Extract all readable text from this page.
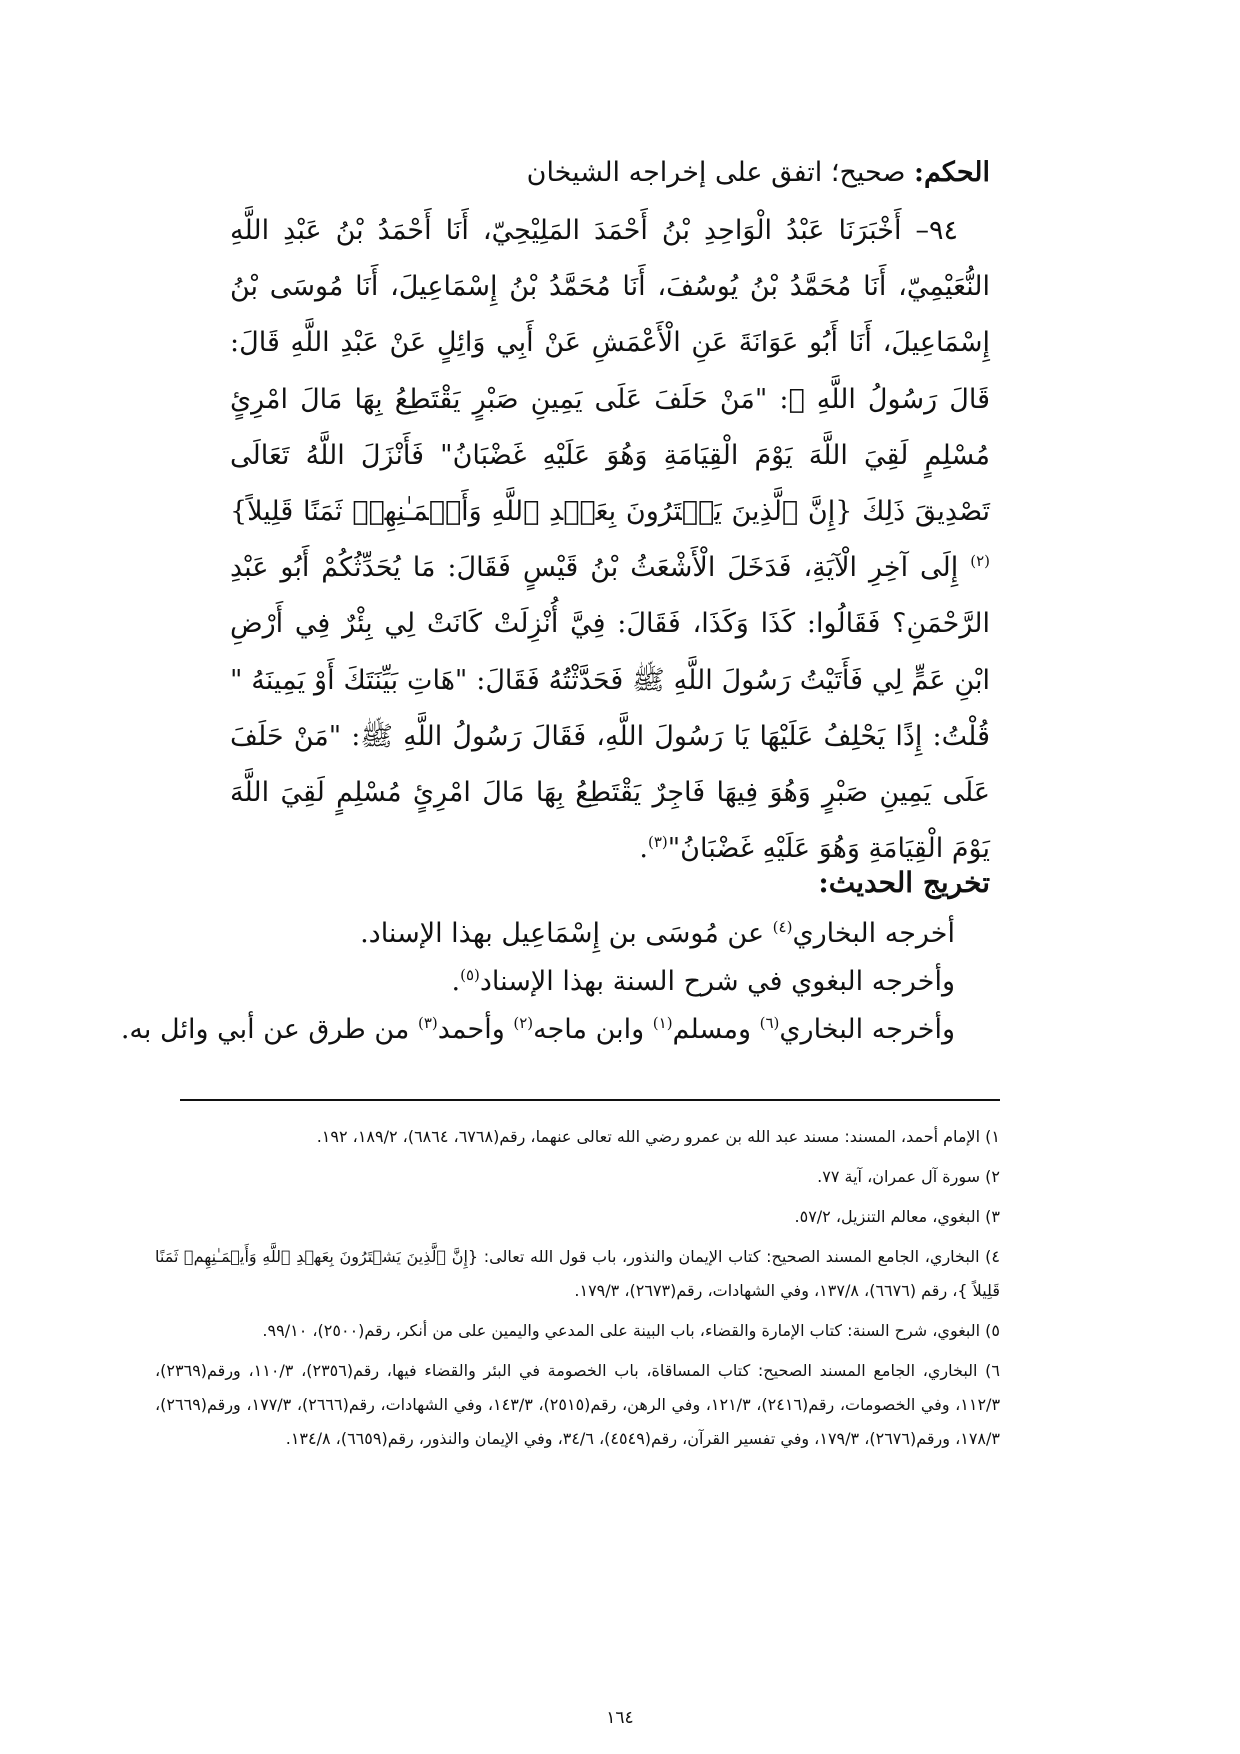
الحكم: صحيح؛ اتفق على إخراجه الشيخان
٩٤– أَخْبَرَنَا عَبْدُ الْوَاحِدِ بْنُ أَحْمَدَ المَلِيْحِيّ، أَنَا أَحْمَدُ بْنُ عَبْدِ اللَّهِ النُّعَيْمِيّ، أَنَا مُحَمَّدُ بْنُ يُوسُفَ، أَنَا مُحَمَّدُ بْنُ إِسْمَاعِيلَ، أَنَا مُوسَى بْنُ إِسْمَاعِيلَ، أَنَا أَبُو عَوَانَةَ عَنِ الْأَعْمَشِ عَنْ أَبِي وَائِلٍ عَنْ عَبْدِ اللَّهِ قَالَ: قَالَ رَسُولُ اللَّهِ ﷺ: "مَنْ حَلَفَ عَلَى يَمِينِ صَبْرٍ يَقْتَطِعُ بِهَا مَالَ امْرِئٍ مُسْلِمٍ لَقِيَ اللَّهَ يَوْمَ الْقِيَامَةِ وَهُوَ عَلَيْهِ غَضْبَانُ" فَأَنْزَلَ اللَّهُ تَعَالَى تَصْدِيقَ ذَلِكَ {إِنَّ ٱلَّذِينَ يَشۡتَرُونَ بِعَهۡدِ ٱللَّهِ وَأَيۡمَـٰنِهِمۡ ثَمَنًا قَلِيلاً}$^{(٢)}$ إِلَى آخِرِ الْآيَةِ، فَدَخَلَ الْأَشْعَثُ بْنُ قَيْسٍ فَقَالَ: مَا يُحَدِّثُكُمْ أَبُو عَبْدِ الرَّحْمَنِ؟ فَقَالُوا: كَذَا وَكَذَا، فَقَالَ: فِيَّ أُنْزِلَتْ كَانَتْ لِي بِئْرٌ فِي أَرْضِ ابْنِ عَمٍّ لِي فَأَتَيْتُ رَسُولَ اللَّهِ ﷺ فَحَدَّثْتُهُ فَقَالَ: "هَاتِ بَيِّنَتَكَ أَوْ يَمِينَهُ " قُلْتُ: إِذًا يَحْلِفُ عَلَيْهَا يَا رَسُولَ اللَّهِ، فَقَالَ رَسُولُ اللَّهِ ﷺ: "مَنْ حَلَفَ عَلَى يَمِينِ صَبْرٍ وَهُوَ فِيهَا فَاجِرٌ يَقْتَطِعُ بِهَا مَالَ امْرِئٍ مُسْلِمٍ لَقِيَ اللَّهَ يَوْمَ الْقِيَامَةِ وَهُوَ عَلَيْهِ غَضْبَانُ"$^{(٣)}$.
تخريج الحديث:
أخرجه البخاري$^{(٤)}$ عن مُوسَى بن إِسْمَاعِيل بهذا الإسناد.
وأخرجه البغوي في شرح السنة بهذا الإسناد$^{(٥)}$.
وأخرجه البخاري$^{(٦)}$ ومسلم$^{(١)}$ وابن ماجه$^{(٢)}$ وأحمد$^{(٣)}$ من طرق عن أبي وائل به.

١) الإمام أحمد، المسند: مسند عبد الله بن عمرو رضي الله تعالى عنهما، رقم(٦٧٦٨، ٦٨٦٤)، ١٨٩/٢، ١٩٢.

٢) سورة آل عمران، آية ٧٧.

٣) البغوي، معالم التنزيل، ٥٧/٢.

٤) البخاري، الجامع المسند الصحيح: كتاب الإيمان والنذور، باب قول الله تعالى: {إِنَّ ٱلَّذِينَ يَشۡتَرُونَ بِعَهۡدِ ٱللَّهِ وَأَيۡمَـٰنِهِمۡ ثَمَنًا قَلِيلاً }، رقم (٦٦٧٦)، ١٣٧/٨، وفي الشهادات، رقم(٢٦٧٣)، ١٧٩/٣.

٥) البغوي، شرح السنة: كتاب الإمارة والقضاء، باب البينة على المدعي واليمين على من أنكر، رقم(٢٥٠٠)، ٩٩/١٠.

٦) البخاري، الجامع المسند الصحيح: كتاب المساقاة، باب الخصومة في البئر والقضاء فيها، رقم(٢٣٥٦)، ١١٠/٣، ورقم(٢٣٦٩)، ١١٢/٣، وفي الخصومات، رقم(٢٤١٦)، ١٢١/٣، وفي الرهن، رقم(٢٥١٥)، ١٤٣/٣، وفي الشهادات، رقم(٢٦٦٦)، ١٧٧/٣، ورقم(٢٦٦٩)، ١٧٨/٣، ورقم(٢٦٧٦)، ١٧٩/٣، وفي تفسير القرآن، رقم(٤٥٤٩)، ٣٤/٦، وفي الإيمان والنذور، رقم(٦٦٥٩)، ١٣٤/٨.

١٦٤
